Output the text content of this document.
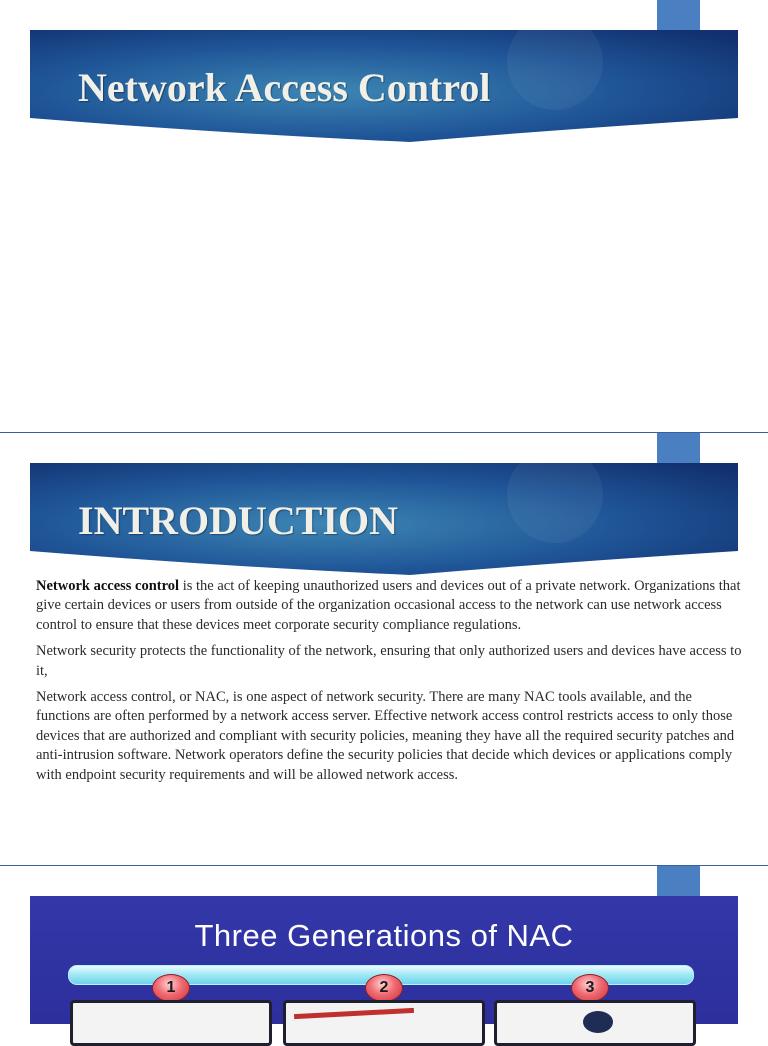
Network Access Control
INTRODUCTION

Network access control is the act of keeping unauthorized users and devices out of a private network. Organizations that give certain devices or users from outside of the organization occasional access to the network can use network access control to ensure that these devices meet corporate security compliance regulations.

Network security protects the functionality of the network, ensuring that only authorized users and devices have access to it,

Network access control, or NAC, is one aspect of network security. There are many NAC tools available, and the functions are often performed by a network access server. Effective network access control restricts access to only those devices that are authorized and compliant with security policies, meaning they have all the required security patches and anti-intrusion software. Network operators define the security policies that decide which devices or applications comply with endpoint security requirements and will be allowed network access.

Three Generations of NAC
1	2	3
